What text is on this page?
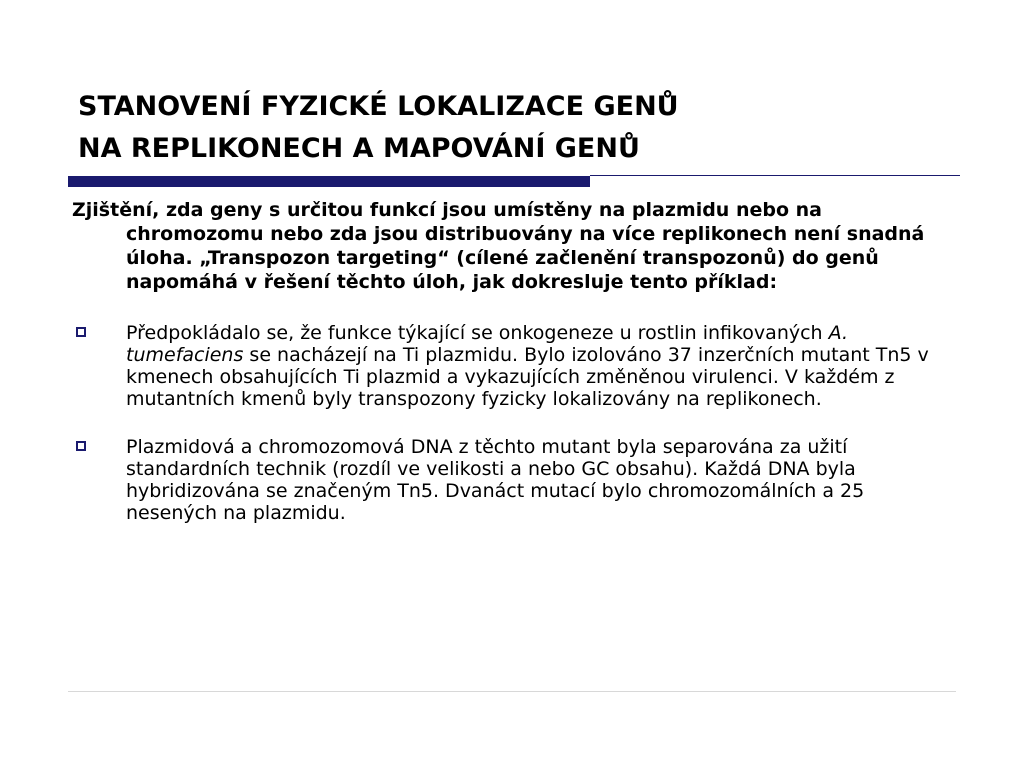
STANOVENÍ FYZICKÉ LOKALIZACE GENŮ
NA REPLIKONECH A MAPOVÁNÍ GENŮ

Zjištění, zda geny s určitou funkcí jsou umístěny na plazmidu nebo na chromozomu nebo zda jsou distribuovány na více replikonech není snadná úloha. „Transpozon targeting“ (cílené začlenění transpozonů) do genů napomáhá v řešení těchto úloh, jak dokresluje tento příklad:

Předpokládalo se, že funkce týkající se onkogeneze u rostlin infikovaných A. tumefaciens se nacházejí na Ti plazmidu. Bylo izolováno 37 inzerčních mutant Tn5 v kmenech obsahujících Ti plazmid a vykazujících změněnou virulenci. V každém z mutantních kmenů byly transpozony fyzicky lokalizovány na replikonech.
Plazmidová a chromozomová DNA z těchto mutant byla separována za užití standardních technik (rozdíl ve velikosti a nebo GC obsahu). Každá DNA byla hybridizována se značeným Tn5. Dvanáct mutací bylo chromozomálních a 25 nesených na plazmidu.
